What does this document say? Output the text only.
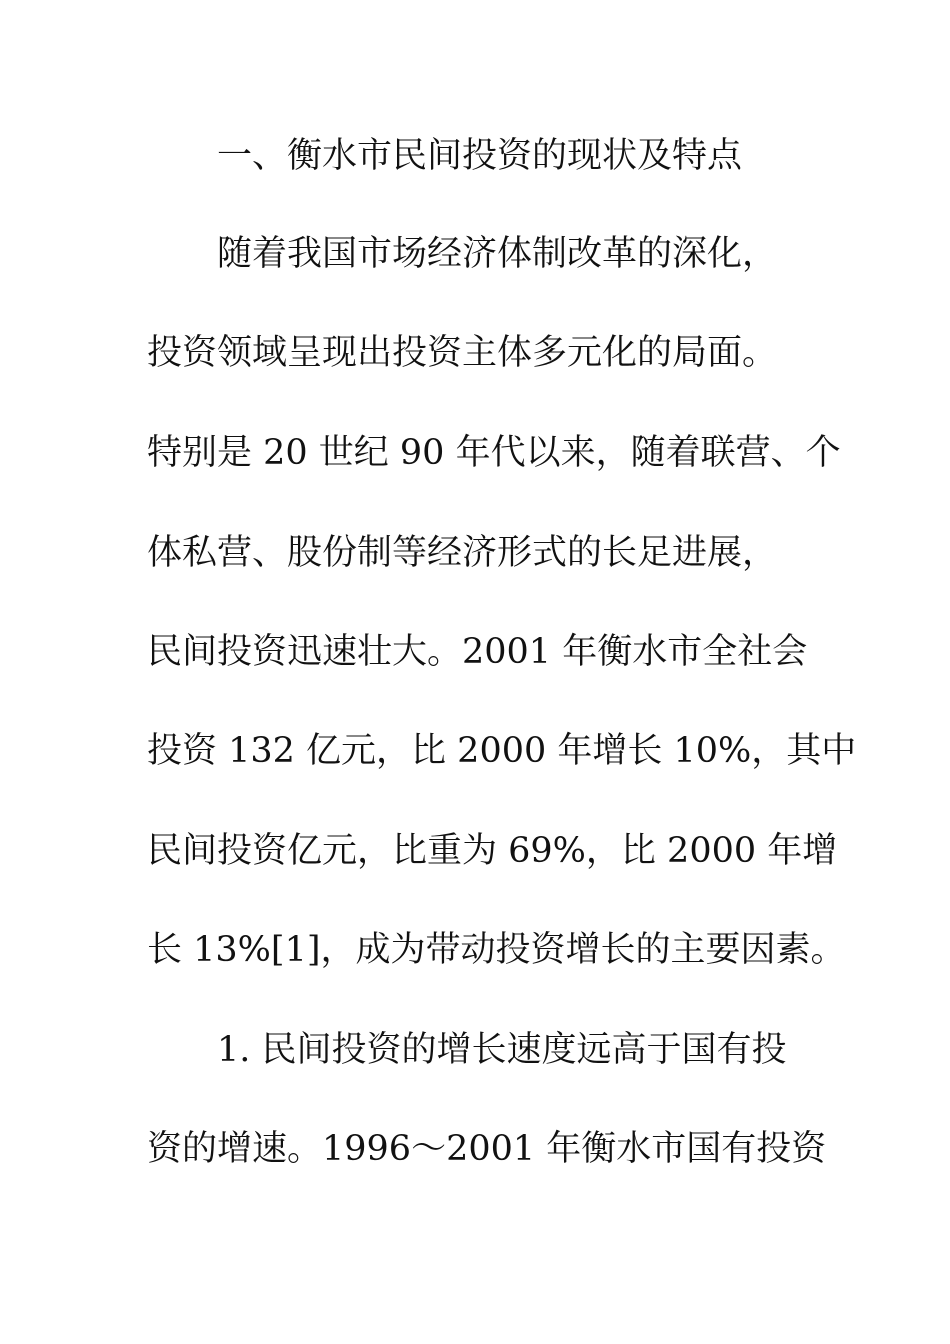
一、衡水市民间投资的现状及特点
随着我国市场经济体制改革的深化，
投资领域呈现出投资主体多元化的局面。
特别是 20 世纪 90 年代以来，随着联营、个
体私营、股份制等经济形式的长足进展，
民间投资迅速壮大。2001 年衡水市全社会
投资 132 亿元，比 2000 年增长 10%，其中
民间投资亿元，比重为 69%，比 2000 年增
长 13%[1]，成为带动投资增长的主要因素。
1. 民间投资的增长速度远高于国有投
资的增速。1996～2001 年衡水市国有投资
